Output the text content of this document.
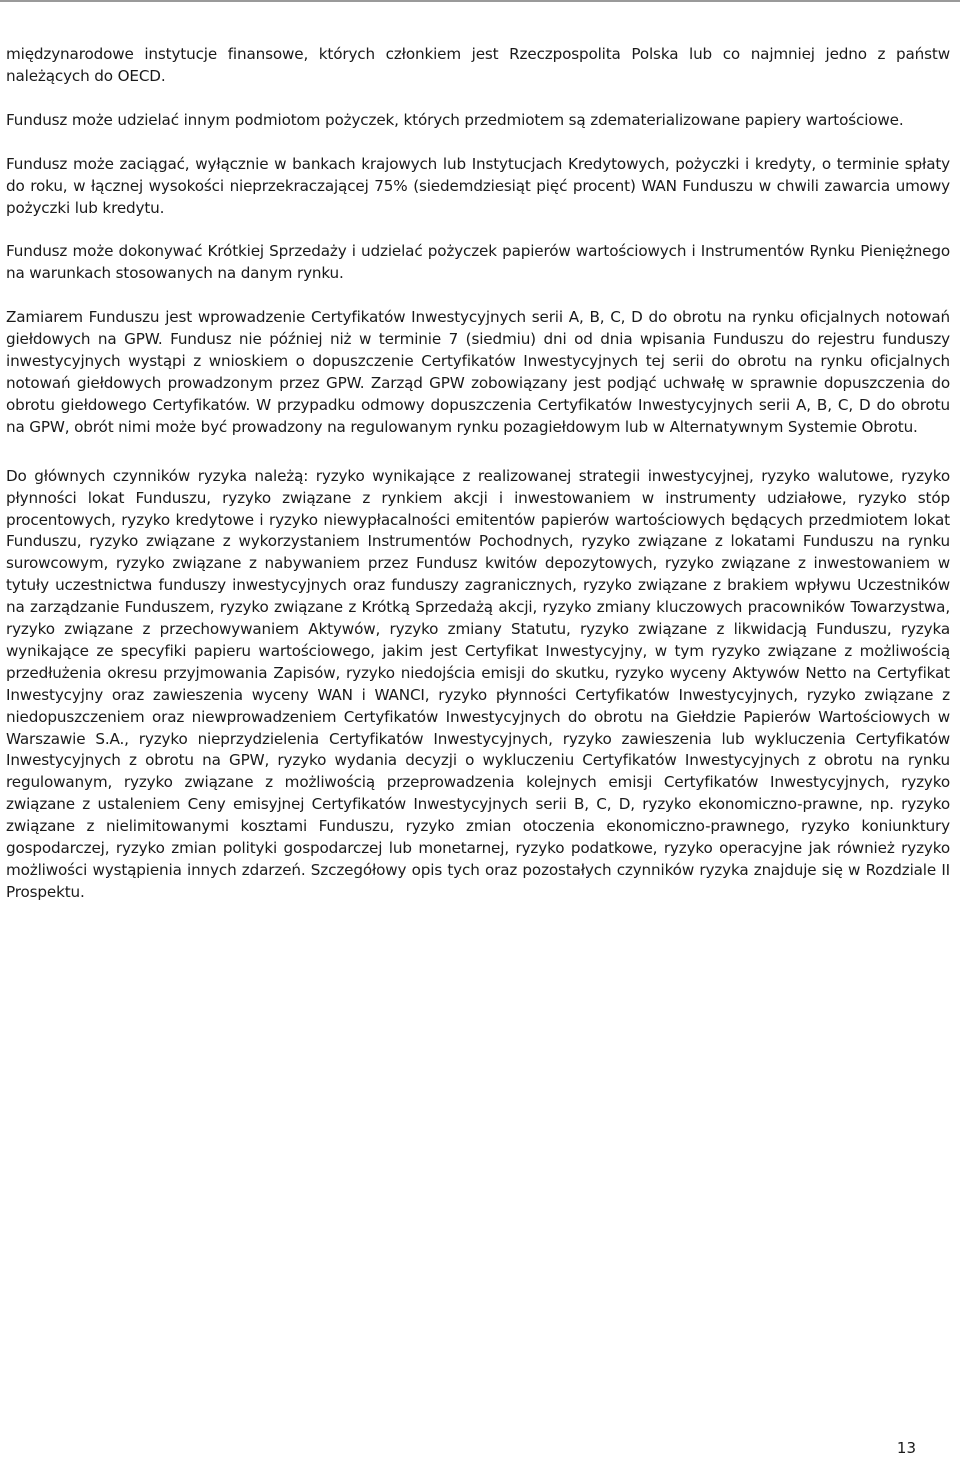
międzynarodowe instytucje finansowe, których członkiem jest Rzeczpospolita Polska lub co najmniej jedno z państw należących do OECD.

Fundusz może udzielać innym podmiotom pożyczek, których przedmiotem są zdematerializowane papiery wartościowe.

Fundusz może zaciągać, wyłącznie w bankach krajowych lub Instytucjach Kredytowych, pożyczki i kredyty, o terminie spłaty do roku, w łącznej wysokości nieprzekraczającej 75% (siedemdziesiąt pięć procent) WAN Funduszu w chwili zawarcia umowy pożyczki lub kredytu.

Fundusz może dokonywać Krótkiej Sprzedaży i udzielać pożyczek papierów wartościowych i Instrumentów Rynku Pieniężnego na warunkach stosowanych na danym rynku.

Zamiarem Funduszu jest wprowadzenie Certyfikatów Inwestycyjnych serii A, B, C, D do obrotu na rynku oficjalnych notowań giełdowych na GPW. Fundusz nie później niż w terminie 7 (siedmiu) dni od dnia wpisania Funduszu do rejestru funduszy inwestycyjnych wystąpi z wnioskiem o dopuszczenie Certyfikatów Inwestycyjnych tej serii do obrotu na rynku oficjalnych notowań giełdowych prowadzonym przez GPW. Zarząd GPW zobowiązany jest podjąć uchwałę w sprawnie dopuszczenia do obrotu giełdowego Certyfikatów. W przypadku odmowy dopuszczenia Certyfikatów Inwestycyjnych serii A, B, C, D do obrotu na GPW, obrót nimi może być prowadzony na regulowanym rynku pozagiełdowym lub w Alternatywnym Systemie Obrotu.

Do głównych czynników ryzyka należą: ryzyko wynikające z realizowanej strategii inwestycyjnej, ryzyko walutowe, ryzyko płynności lokat Funduszu, ryzyko związane z rynkiem akcji i inwestowaniem w instrumenty udziałowe, ryzyko stóp procentowych, ryzyko kredytowe i ryzyko niewypłacalności emitentów papierów wartościowych będących przedmiotem lokat Funduszu, ryzyko związane z wykorzystaniem Instrumentów Pochodnych, ryzyko związane z lokatami Funduszu na rynku surowcowym, ryzyko związane z nabywaniem przez Fundusz kwitów depozytowych, ryzyko związane z inwestowaniem w tytuły uczestnictwa funduszy inwestycyjnych oraz funduszy zagranicznych, ryzyko związane z brakiem wpływu Uczestników na zarządzanie Funduszem, ryzyko związane z Krótką Sprzedażą akcji, ryzyko zmiany kluczowych pracowników Towarzystwa, ryzyko związane z przechowywaniem Aktywów, ryzyko zmiany Statutu, ryzyko związane z likwidacją Funduszu, ryzyka wynikające ze specyfiki papieru wartościowego, jakim jest Certyfikat Inwestycyjny, w tym ryzyko związane z możliwością przedłużenia okresu przyjmowania Zapisów, ryzyko niedojścia emisji do skutku, ryzyko wyceny Aktywów Netto na Certyfikat Inwestycyjny oraz zawieszenia wyceny WAN i WANCI, ryzyko płynności Certyfikatów Inwestycyjnych, ryzyko związane z niedopuszczeniem oraz niewprowadzeniem Certyfikatów Inwestycyjnych do obrotu na Giełdzie Papierów Wartościowych w Warszawie S.A., ryzyko nieprzydzielenia Certyfikatów Inwestycyjnych, ryzyko zawieszenia lub wykluczenia Certyfikatów Inwestycyjnych z obrotu na GPW, ryzyko wydania decyzji o wykluczeniu Certyfikatów Inwestycyjnych z obrotu na rynku regulowanym, ryzyko związane z możliwością przeprowadzenia kolejnych emisji Certyfikatów Inwestycyjnych, ryzyko związane z ustaleniem Ceny emisyjnej Certyfikatów Inwestycyjnych serii B, C, D, ryzyko ekonomiczno-prawne, np. ryzyko związane z nielimitowanymi kosztami Funduszu, ryzyko zmian otoczenia ekonomiczno-prawnego, ryzyko koniunktury gospodarczej, ryzyko zmian polityki gospodarczej lub monetarnej, ryzyko podatkowe, ryzyko operacyjne jak również ryzyko możliwości wystąpienia innych zdarzeń. Szczegółowy opis tych oraz pozostałych czynników ryzyka znajduje się w Rozdziale II Prospektu.

13
